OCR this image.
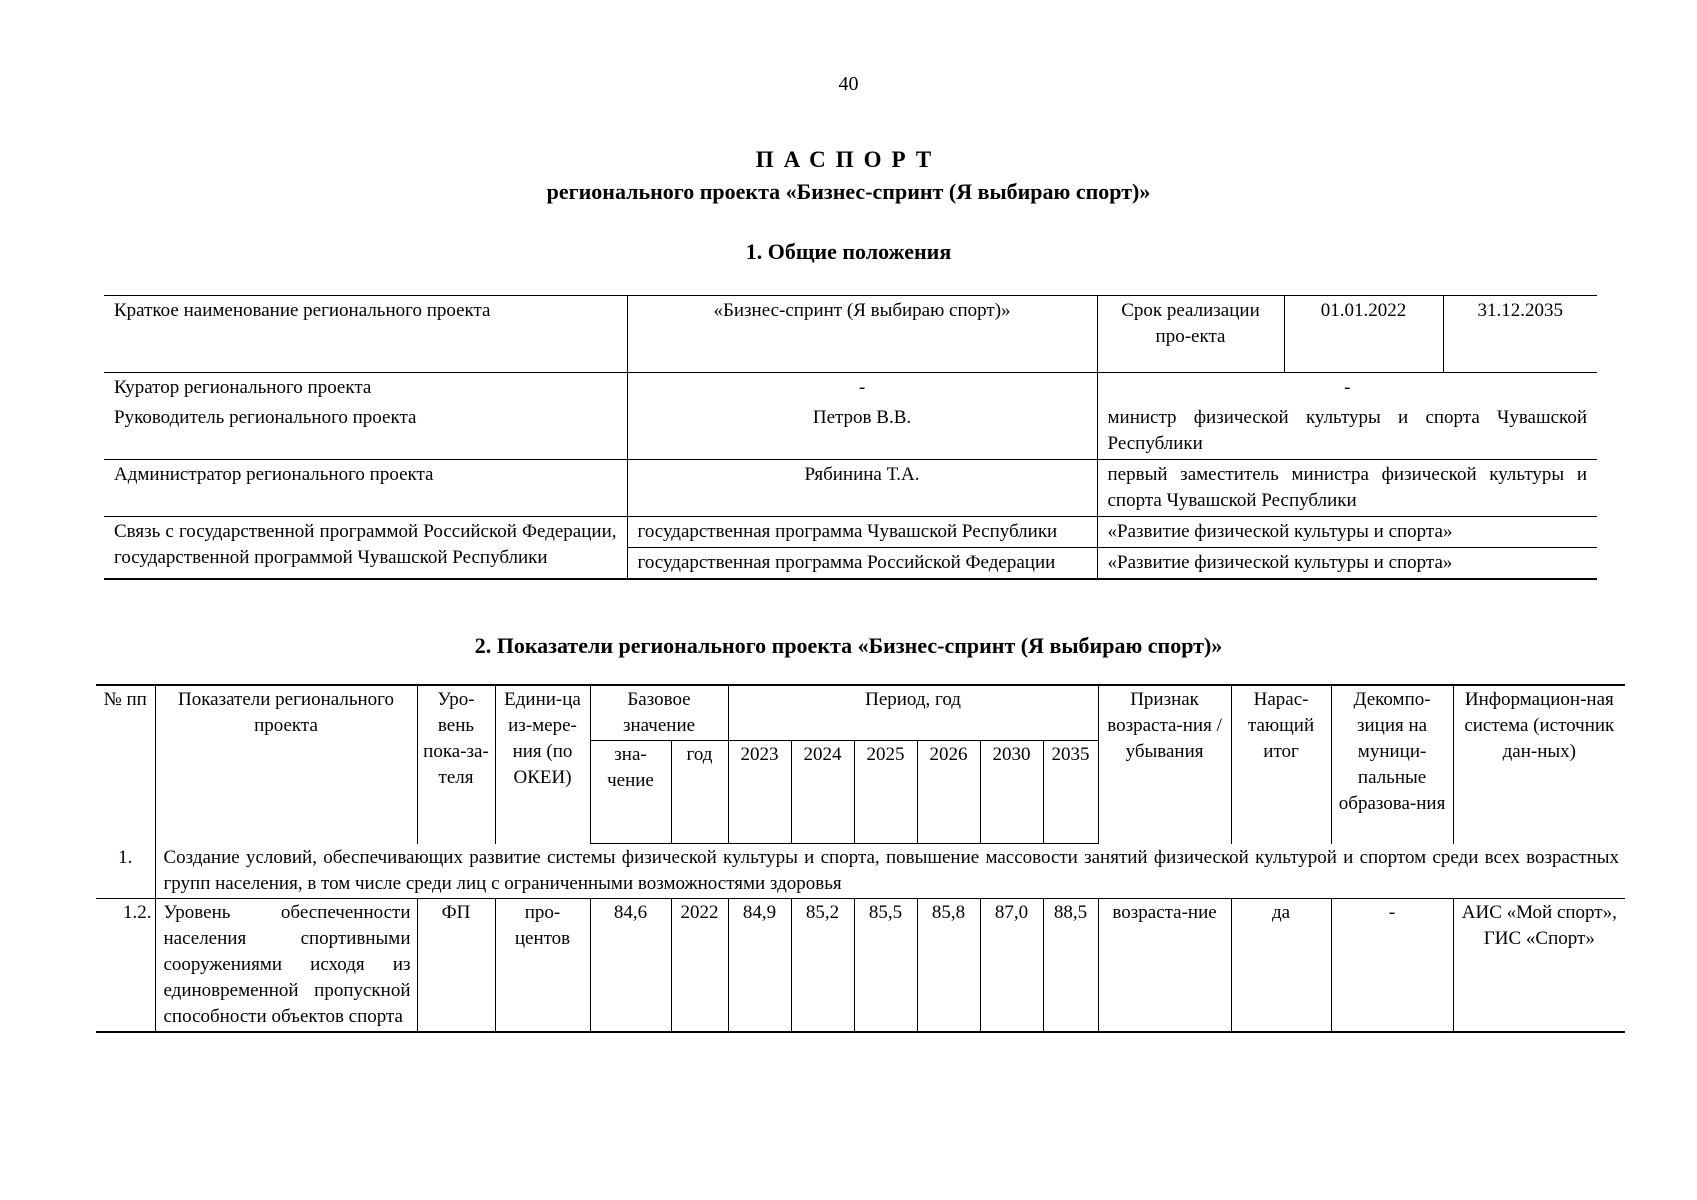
40
ПАСПОРТ
регионального проекта «Бизнес-спринт (Я выбираю спорт)»
1. Общие положения
Краткое наименование регионального проекта	«Бизнес-спринт (Я выбираю спорт)»	Срок реализации про-екта	01.01.2022	31.12.2035
Куратор регионального проекта	-	-		
Руководитель регионального проекта	Петров В.В.	министр физической культуры и спорта Чувашской Республики		
Администратор регионального проекта	Рябинина Т.А.	первый заместитель министра физической культуры и спорта Чувашской Республики		
Связь с государственной программой Российской Федерации, государственной программой Чувашской Республики	государственная программа Чувашской Республики	«Развитие физической культуры и спорта»		
	государственная программа Российской Федерации	«Развитие физической культуры и спорта»		
2. Показатели регионального проекта «Бизнес-спринт (Я выбираю спорт)»
№ пп	Показатели регионального проекта	Уро-вень пока-за-теля	Едини-ца из-мере-ния (по ОКЕИ)	Базовое значение		Период, год						Признак возраста-ния / убывания	Нарас-тающий итог	Декомпо-зиция на муници-пальные образова-ния	Информацион-ная система (источник дан-ных)
				зна-чение	год	2023	2024	2025	2026	2030	2035				
1.	Создание условий, обеспечивающих развитие системы физической культуры и спорта, повышение массовости занятий физической культурой и спортом среди всех возрастных групп населения, в том числе среди лиц с ограниченными возможностями здоровья														
1.2.	Уровень обеспеченности населения спортивными сооружениями исходя из единовременной пропускной способности объектов спорта	ФП	про-центов	84,6	2022	84,9	85,2	85,5	85,8	87,0	88,5	возраста-ние	да	-	АИС «Мой спорт», ГИС «Спорт»
